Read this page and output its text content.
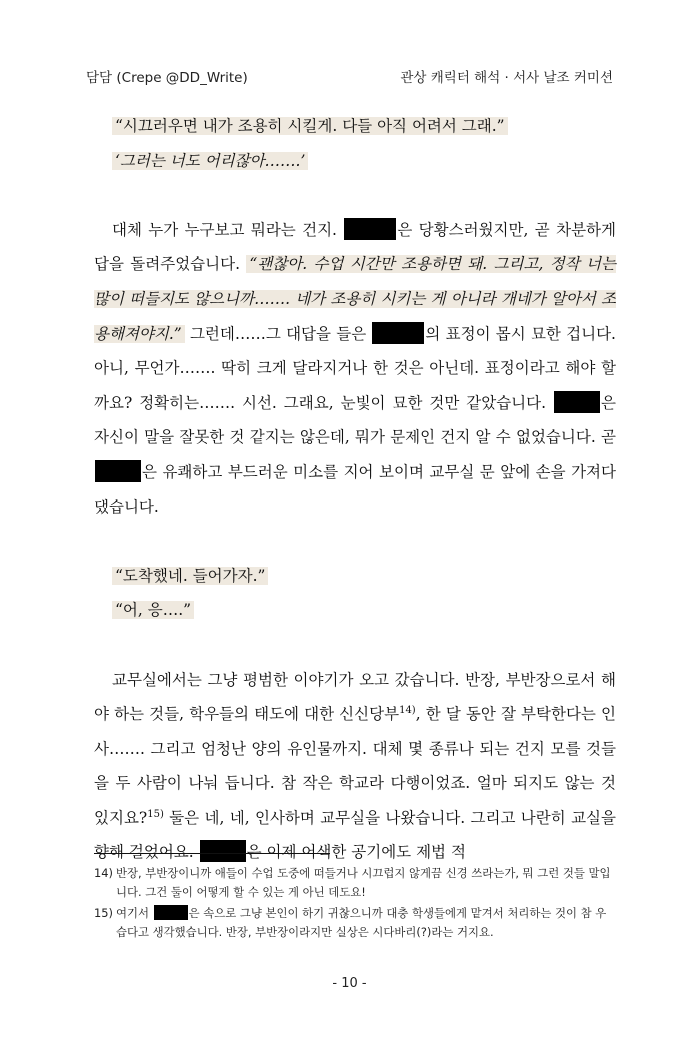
담담 (Crepe @DD_Write)	관상 캐릭터 해석 · 서사 날조 커미션

“시끄러우면 내가 조용히 시킬게. 다들 아직 어려서 그래.”

‘그러는 너도 어리잖아…….’

대체 누가 누구보고 뭐라는 건지.	은 당황스러웠지만, 곧 차분하게 답을 돌려주었습니다. “괜찮아. 수업 시간만 조용하면 돼. 그리고, 정작 너는 많이 떠들지도 않으니까……. 네가 조용히 시키는 게 아니라 개네가 알아서 조용해져야지.” 그런데……그 대답을 들은	의 표정이 몹시 묘한 겁니다. 아니, 무언가……. 딱히 크게 달라지거나 한 것은 아닌데. 표정이라고 해야 할까요? 정확히는……. 시선. 그래요, 눈빛이 묘한 것만 같았습니다.	은 자신이 말을 잘못한 것 같지는 않은데, 뭐가 문제인 건지 알 수 없었습니다. 곧 은 유쾌하고 부드러운 미소를 지어 보이며 교무실 문 앞에 손을 가져다 댔습니다.

“도착했네. 들어가자.”

“어, 응….”

교무실에서는 그냥 평범한 이야기가 오고 갔습니다. 반장, 부반장으로서 해야 하는 것들, 학우들의 태도에 대한 신신당부$^{14)}$, 한 달 동안 잘 부탁한다는 인사……. 그리고 엄청난 양의 유인물까지. 대체 몇 종류나 되는 건지 모를 것들을 두 사람이 나눠 듭니다. 참 작은 학교라 다행이었죠. 얼마 되지도 않는 것 있지요?$^{15)}$ 둘은 네, 네, 인사하며 교무실을 나왔습니다. 그리고 나란히 교실을 향해 걸었어요.	은 이제 어색한 공기에도 제법 적

14) 반장, 부반장이니까 애들이 수업 도중에 떠들거나 시끄럽지 않게끔 신경 쓰라는가, 뭐 그런 것들 말입니다. 그건 둘이 어떻게 할 수 있는 게 아닌 데도요!
15) 여기서	은 속으로 그냥 본인이 하기 귀찮으니까 대충 학생들에게 맡겨서 처리하는 것이 참 우습다고 생각했습니다. 반장, 부반장이라지만 실상은 시다바리(?)라는 거지요.
- 10 -
